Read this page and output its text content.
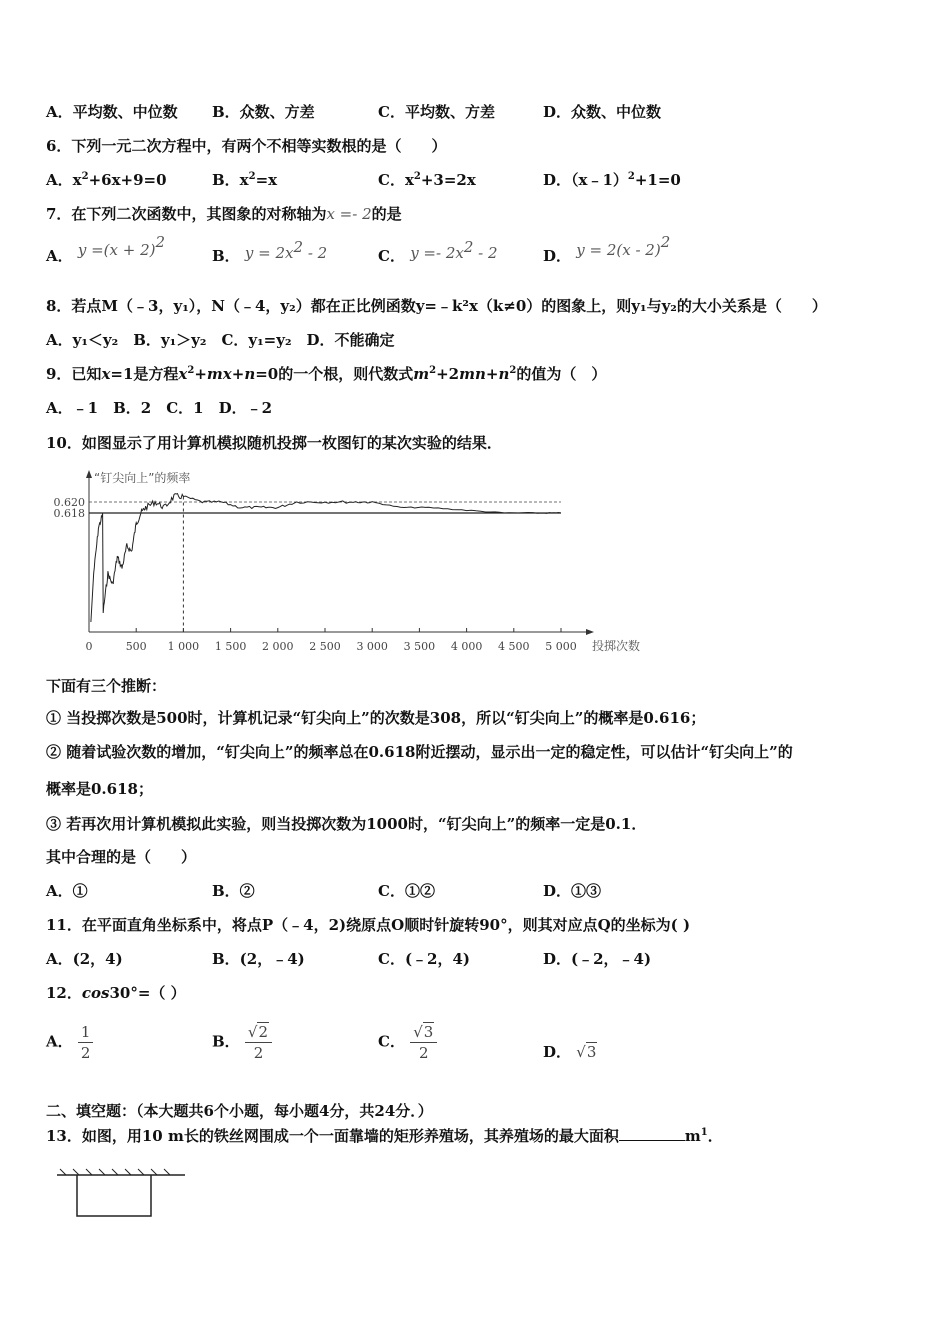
A．平均数、中位数 B．众数、方差	C．平均数、方差	D．众数、中位数
6．下列一元二次方程中，有两个不相等实数根的是（　　）
A．$x^2+6x+9=0$	B．$x^2=x$	C．$x^2+3=2x$	D．（x﹣1）$^2$+1=0
7．在下列二次函数中，其图象的对称轴为x =- 2的是
A． $y =(x + 2)^2$
B． $y = 2x^2 - 2$	C． $y =- 2x^2 - 2$	D． y = 2(x - 2)$^2$
8．若点M（﹣3，y₁），N（﹣4，y₂）都在正比例函数y=﹣k²x（k≠0）的图象上，则y₁与y₂的大小关系是（　　）
A．y₁＜y₂　B．y₁＞y₂　C．y₁=y₂　D．不能确定
9．已知x=1是方程$x^2+mx+n=0$的一个根，则代数式$m^2+2mn+n^2$的值为（　）
A．﹣1　B．2　C．1　D．﹣2
10．如图显示了用计算机模拟随机投掷一枚图钉的某次实验的结果．
“钉尖向上”的频率
投掷次数
0	500 1 000 1 500 2 000 2 500 3 000 3 500 4 000 4 500 5 000
0.620
0.618
下面有三个推断：
① 当投掷次数是500时，计算机记录“钉尖向上”的次数是308，所以“钉尖向上”的概率是0.616；
② 随着试验次数的增加，“钉尖向上”的频率总在0.618附近摆动，显示出一定的稳定性，可以估计“钉尖向上”的
概率是0.618；
③ 若再次用计算机模拟此实验，则当投掷次数为1000时，“钉尖向上”的频率一定是0.1．
其中合理的是（　　）
A．①	B．②	C．①②	D．①③
11．在平面直角坐标系中，将点P（﹣4，2)绕原点O顺时针旋转90°，则其对应点Q的坐标为( )
A．(2，4)	B．(2，﹣4)	C．(﹣2，4)	D．(﹣2，﹣4)
12．cos30°=（ ）
A． $\frac{1}{2}$	B． $\frac{√2}{2}$	C． $\frac{√3}{2}$	D． √3
二、填空题：（本大题共6个小题，每小题4分，共24分．）
13．如图，用10 m长的铁丝网围成一个一面靠墙的矩形养殖场，其养殖场的最大面积	$m^1$．
